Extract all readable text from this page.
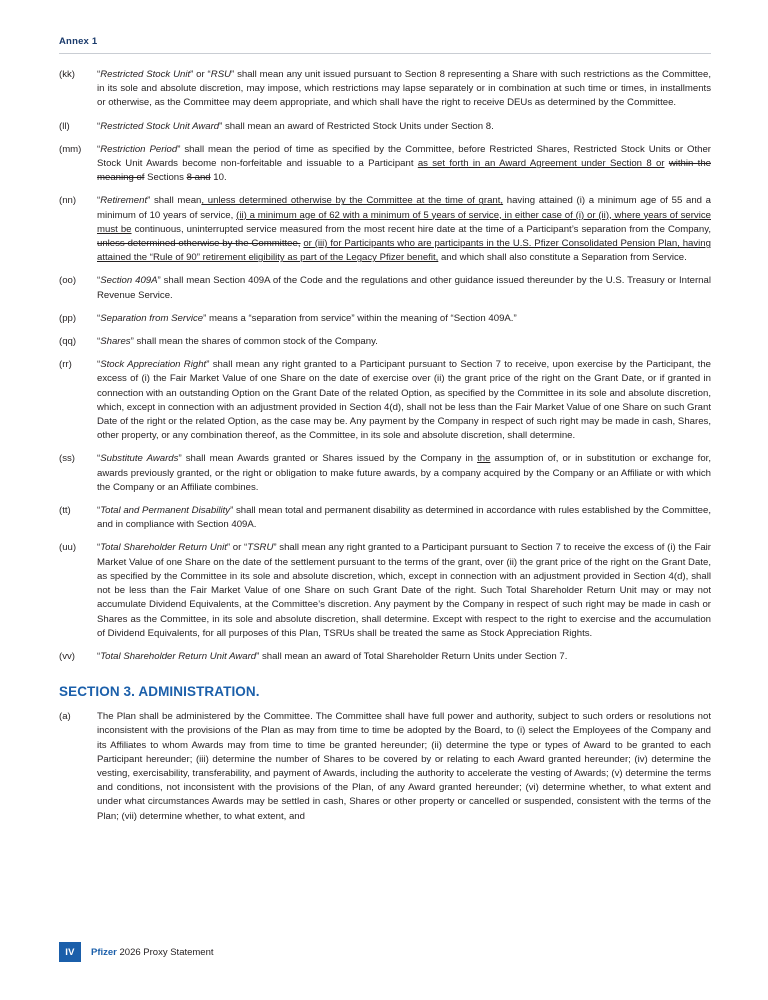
Annex 1
(kk)	“Restricted Stock Unit” or “RSU” shall mean any unit issued pursuant to Section 8 representing a Share with such restrictions as the Committee, in its sole and absolute discretion, may impose, which restrictions may lapse separately or in combination at such time or times, in installments or otherwise, as the Committee may deem appropriate, and which shall have the right to receive DEUs as determined by the Committee.
(ll)	“Restricted Stock Unit Award” shall mean an award of Restricted Stock Units under Section 8.
(mm)	“Restriction Period” shall mean the period of time as specified by the Committee, before Restricted Shares, Restricted Stock Units or Other Stock Unit Awards become non-forfeitable and issuable to a Participant as set forth in an Award Agreement under Section 8 or within the meaning of Sections 8 and 10.
(nn)	“Retirement” shall mean, unless determined otherwise by the Committee at the time of grant, having attained (i) a minimum age of 55 and a minimum of 10 years of service, (ii) a minimum age of 62 with a minimum of 5 years of service, in either case of (i) or (ii), where years of service must be continuous, uninterrupted service measured from the most recent hire date at the time of a Participant’s separation from the Company, unless determined otherwise by the Committee, or (iii) for Participants who are participants in the U.S. Pfizer Consolidated Pension Plan, having attained the “Rule of 90” retirement eligibility as part of the Legacy Pfizer benefit, and which shall also constitute a Separation from Service.
(oo)	“Section 409A” shall mean Section 409A of the Code and the regulations and other guidance issued thereunder by the U.S. Treasury or Internal Revenue Service.
(pp)	“Separation from Service” means a “separation from service” within the meaning of “Section 409A.”
(qq)	“Shares” shall mean the shares of common stock of the Company.
(rr)	“Stock Appreciation Right” shall mean any right granted to a Participant pursuant to Section 7 to receive, upon exercise by the Participant, the excess of (i) the Fair Market Value of one Share on the date of exercise over (ii) the grant price of the right on the Grant Date, or if granted in connection with an outstanding Option on the Grant Date of the related Option, as specified by the Committee in its sole and absolute discretion, which, except in connection with an adjustment provided in Section 4(d), shall not be less than the Fair Market Value of one Share on such Grant Date of the right or the related Option, as the case may be. Any payment by the Company in respect of such right may be made in cash, Shares, other property, or any combination thereof, as the Committee, in its sole and absolute discretion, shall determine.
(ss)	“Substitute Awards” shall mean Awards granted or Shares issued by the Company in the assumption of, or in substitution or exchange for, awards previously granted, or the right or obligation to make future awards, by a company acquired by the Company or an Affiliate or with which the Company or an Affiliate combines.
(tt)	“Total and Permanent Disability” shall mean total and permanent disability as determined in accordance with rules established by the Committee, and in compliance with Section 409A.
(uu)	“Total Shareholder Return Unit” or “TSRU” shall mean any right granted to a Participant pursuant to Section 7 to receive the excess of (i) the Fair Market Value of one Share on the date of the settlement pursuant to the terms of the grant, over (ii) the grant price of the right on the Grant Date, as specified by the Committee in its sole and absolute discretion, which, except in connection with an adjustment provided in Section 4(d), shall not be less than the Fair Market Value of one Share on such Grant Date of the right. Such Total Shareholder Return Unit may or may not accumulate Dividend Equivalents, at the Committee’s discretion. Any payment by the Company in respect of such right may be made in cash or Shares as the Committee, in its sole and absolute discretion, shall determine. Except with respect to the right to exercise and the accumulation of Dividend Equivalents, for all purposes of this Plan, TSRUs shall be treated the same as Stock Appreciation Rights.
(vv)	“Total Shareholder Return Unit Award” shall mean an award of Total Shareholder Return Units under Section 7.
SECTION 3. ADMINISTRATION.
(a)	The Plan shall be administered by the Committee. The Committee shall have full power and authority, subject to such orders or resolutions not inconsistent with the provisions of the Plan as may from time to time be adopted by the Board, to (i) select the Employees of the Company and its Affiliates to whom Awards may from time to time be granted hereunder; (ii) determine the type or types of Award to be granted to each Participant hereunder; (iii) determine the number of Shares to be covered by or relating to each Award granted hereunder; (iv) determine the vesting, exercisability, transferability, and payment of Awards, including the authority to accelerate the vesting of Awards; (v) determine the terms and conditions, not inconsistent with the provisions of the Plan, of any Award granted hereunder; (vi) determine whether, to what extent and under what circumstances Awards may be settled in cash, Shares or other property or cancelled or suspended, consistent with the terms of the Plan; (vii) determine whether, to what extent, and
IV	Pfizer 2026 Proxy Statement
